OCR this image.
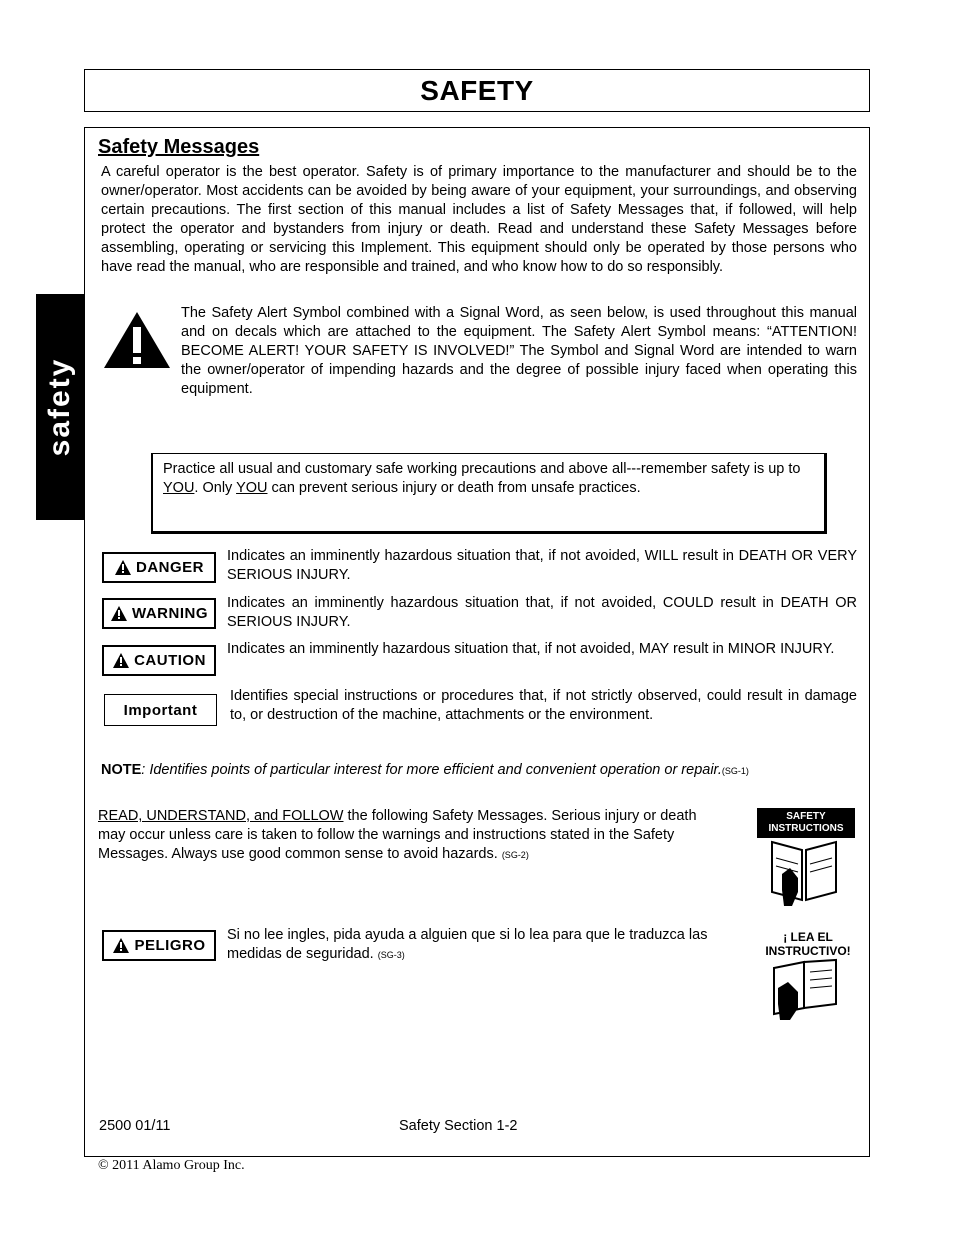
SAFETY
safety
Safety Messages
A careful operator is the best operator. Safety is of primary importance to the manufacturer and should be to the owner/operator. Most accidents can be avoided by being aware of your equipment, your surroundings, and observing certain precautions. The first section of this manual includes a list of Safety Messages that, if followed, will help protect the operator and bystanders from injury or death. Read and understand these Safety Messages before assembling, operating or servicing this Implement. This equipment should only be operated by those persons who have read the manual, who are responsible and trained, and who know how to do so responsibly.
The Safety Alert Symbol combined with a Signal Word, as seen below, is used throughout this manual and on decals which are attached to the equipment. The Safety Alert Symbol means: “ATTENTION! BECOME ALERT! YOUR SAFETY IS INVOLVED!” The Symbol and Signal Word are intended to warn the owner/operator of impending hazards and the degree of possible injury faced when operating this equipment.
Practice all usual and customary safe working precautions and above all---remember safety is up to YOU. Only YOU can prevent serious injury or death from unsafe practices.
DANGER
Indicates an imminently hazardous situation that, if not avoided, WILL result in DEATH OR VERY SERIOUS INJURY.
WARNING
Indicates an imminently hazardous situation that, if not avoided, COULD result in DEATH OR SERIOUS INJURY.
CAUTION
Indicates an imminently hazardous situation that, if not avoided, MAY result in MINOR INJURY.
Important
Identifies special instructions or procedures that, if not strictly observed, could result in damage to, or destruction of the machine, attachments or the environment.
NOTE: Identifies points of particular interest for more efficient and convenient operation or repair.(SG-1)
READ, UNDERSTAND, and FOLLOW the following Safety Messages. Serious injury or death may occur unless care is taken to follow the warnings and instructions stated in the Safety Messages. Always use good common sense to avoid hazards. (SG-2)
SAFETY
INSTRUCTIONS
PELIGRO
Si no lee ingles, pida ayuda a alguien que si lo lea para que le traduzca las medidas de seguridad. (SG-3)
¡ LEA EL
INSTRUCTIVO!
2500 01/11	Safety Section 1-2
© 2011 Alamo Group Inc.
